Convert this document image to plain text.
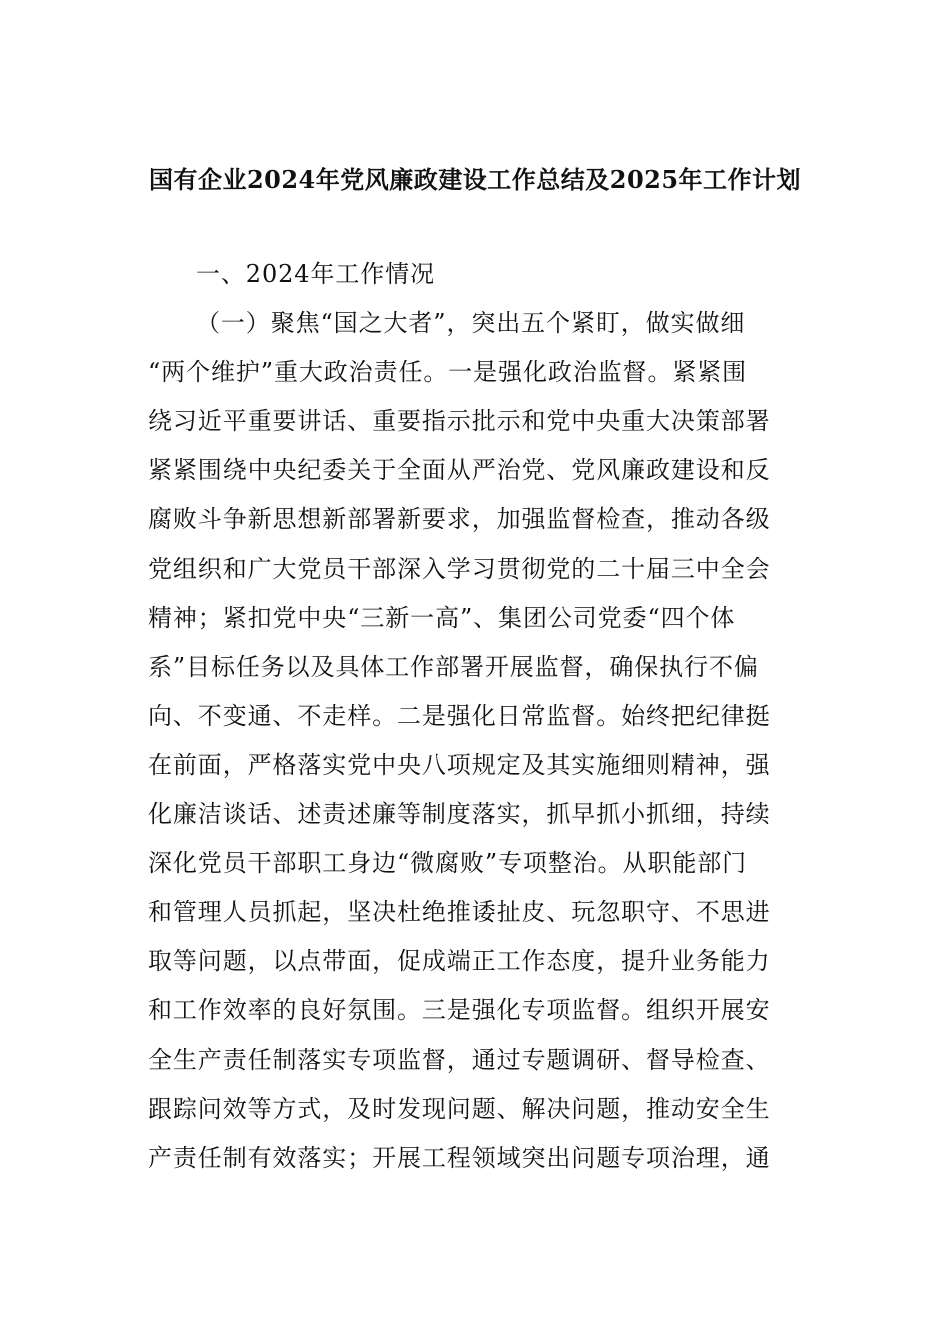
国有企业2024年党风廉政建设工作总结及2025年工作计划
一、2024年工作情况
（一）聚焦“国之大者”，突出五个紧盯，做实做细
“两个维护”重大政治责任。一是强化政治监督。紧紧围
绕习近平重要讲话、重要指示批示和党中央重大决策部署
紧紧围绕中央纪委关于全面从严治党、党风廉政建设和反
腐败斗争新思想新部署新要求，加强监督检查，推动各级
党组织和广大党员干部深入学习贯彻党的二十届三中全会
精神；紧扣党中央“三新一高”、集团公司党委“四个体
系”目标任务以及具体工作部署开展监督，确保执行不偏
向、不变通、不走样。二是强化日常监督。始终把纪律挺
在前面，严格落实党中央八项规定及其实施细则精神，强
化廉洁谈话、述责述廉等制度落实，抓早抓小抓细，持续
深化党员干部职工身边“微腐败”专项整治。从职能部门
和管理人员抓起，坚决杜绝推诿扯皮、玩忽职守、不思进
取等问题，以点带面，促成端正工作态度，提升业务能力
和工作效率的良好氛围。三是强化专项监督。组织开展安
全生产责任制落实专项监督，通过专题调研、督导检查、
跟踪问效等方式，及时发现问题、解决问题，推动安全生
产责任制有效落实；开展工程领域突出问题专项治理，通
